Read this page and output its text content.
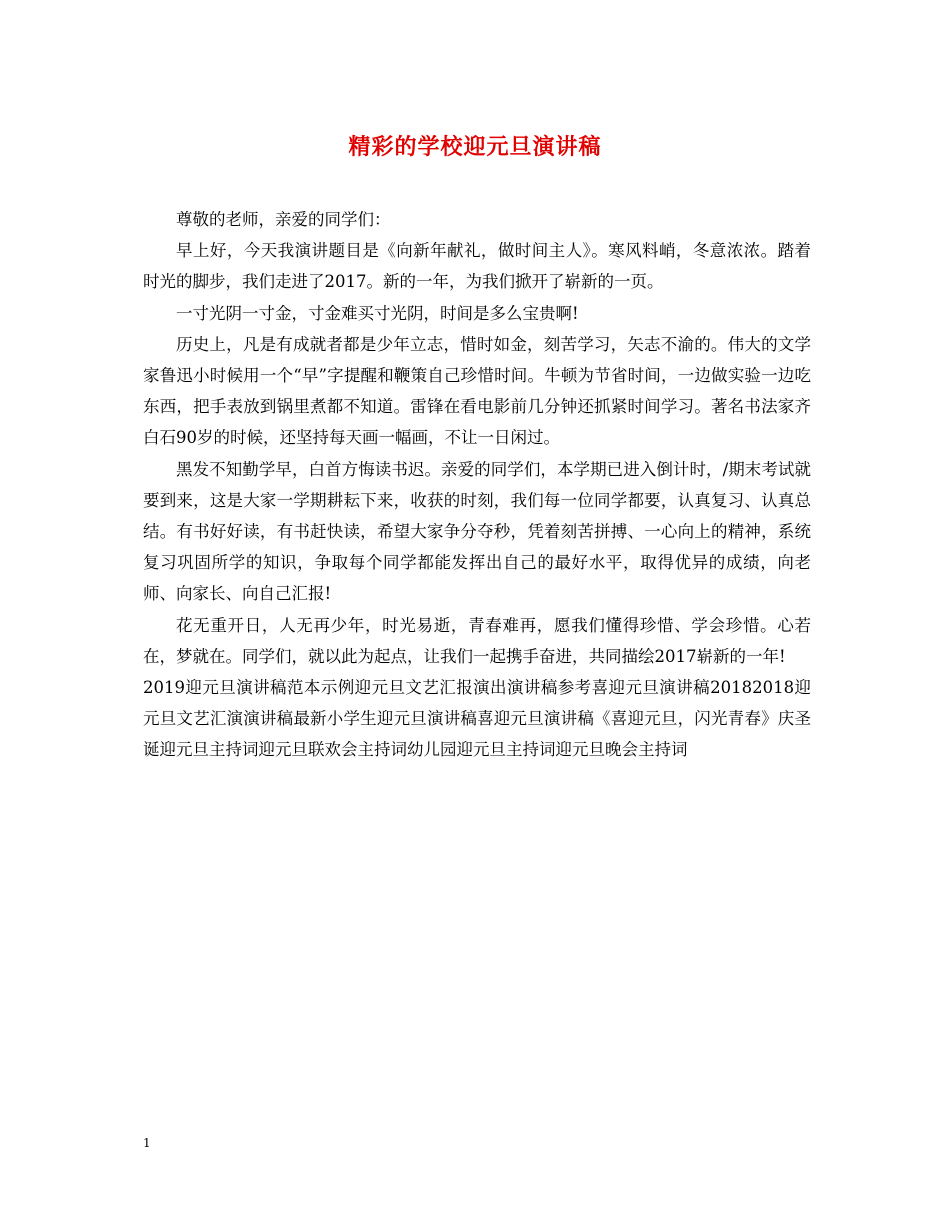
精彩的学校迎元旦演讲稿

尊敬的老师，亲爱的同学们：

早上好，今天我演讲题目是《向新年献礼，做时间主人》。寒风料峭，冬意浓浓。踏着时光的脚步，我们走进了2017。新的一年，为我们掀开了崭新的一页。

一寸光阴一寸金，寸金难买寸光阴，时间是多么宝贵啊!

历史上，凡是有成就者都是少年立志，惜时如金，刻苦学习，矢志不渝的。伟大的文学家鲁迅小时候用一个“早”字提醒和鞭策自己珍惜时间。牛顿为节省时间，一边做实验一边吃东西，把手表放到锅里煮都不知道。雷锋在看电影前几分钟还抓紧时间学习。著名书法家齐白石90岁的时候，还坚持每天画一幅画，不让一日闲过。

黑发不知勤学早，白首方悔读书迟。亲爱的同学们，本学期已进入倒计时，/期末考试就要到来，这是大家一学期耕耘下来，收获的时刻，我们每一位同学都要，认真复习、认真总结。有书好好读，有书赶快读，希望大家争分夺秒，凭着刻苦拼搏、一心向上的精神，系统复习巩固所学的知识，争取每个同学都能发挥出自己的最好水平，取得优异的成绩，向老师、向家长、向自己汇报!

花无重开日，人无再少年，时光易逝，青春难再，愿我们懂得珍惜、学会珍惜。心若在，梦就在。同学们，就以此为起点，让我们一起携手奋进，共同描绘2017崭新的一年!

2019迎元旦演讲稿范本示例迎元旦文艺汇报演出演讲稿参考喜迎元旦演讲稿20182018迎元旦文艺汇演演讲稿最新小学生迎元旦演讲稿喜迎元旦演讲稿《喜迎元旦，闪光青春》庆圣诞迎元旦主持词迎元旦联欢会主持词幼儿园迎元旦主持词迎元旦晚会主持词

1
